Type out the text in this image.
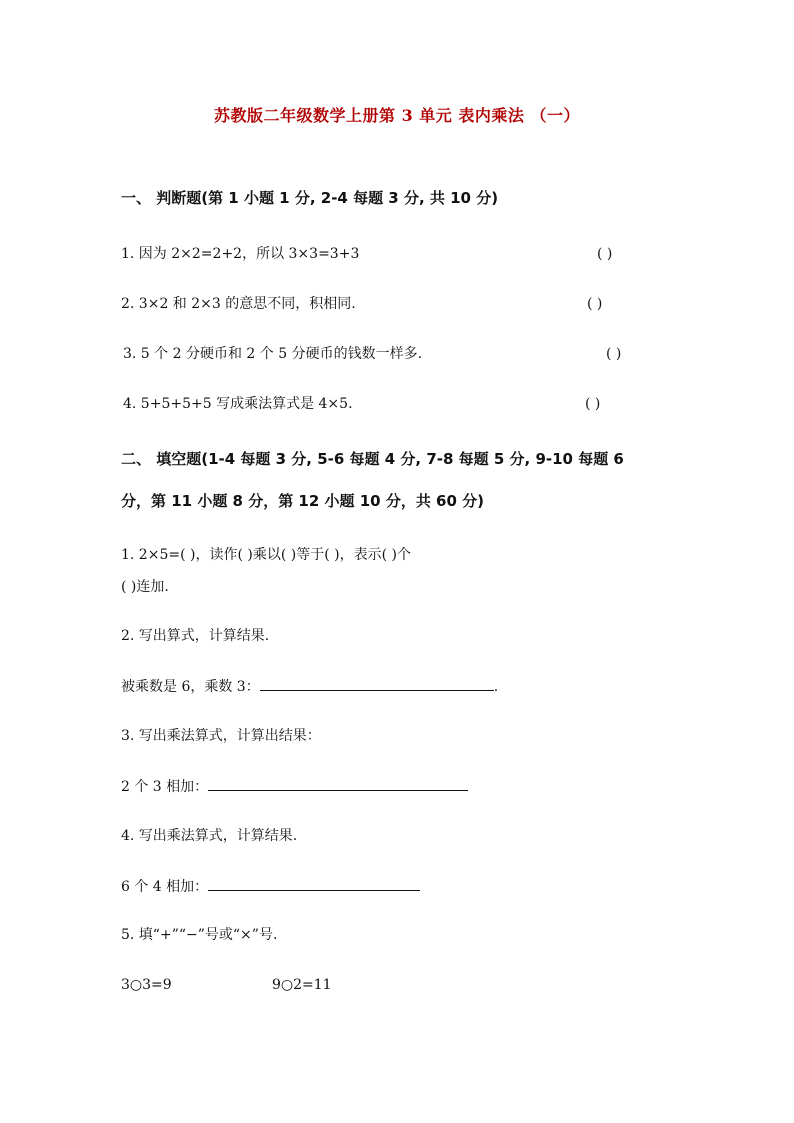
苏教版二年级数学上册第 3 单元 表内乘法 （一）
一、 判断题(第 1 小题 1 分, 2-4 每题 3 分, 共 10 分)
1. 因为 2×2=2+2，所以 3×3=3+3	( )
2. 3×2 和 2×3 的意思不同，积相同.	( )
3. 5 个 2 分硬币和 2 个 5 分硬币的钱数一样多.	( )
4. 5+5+5+5 写成乘法算式是 4×5.	( )
二、 填空题(1-4 每题 3 分, 5-6 每题 4 分, 7-8 每题 5 分, 9-10 每题 6
分，第 11 小题 8 分，第 12 小题 10 分，共 60 分)
1. 2×5=( )，读作( )乘以( )等于( )，表示( )个
( )连加.
2. 写出算式，计算结果.
被乘数是 6，乘数 3：	.
3. 写出乘法算式，计算出结果：
2 个 3 相加：
4. 写出乘法算式，计算结果.
6 个 4 相加：
5. 填“+”“−”号或“×”号.
3○3=9	9○2=11
